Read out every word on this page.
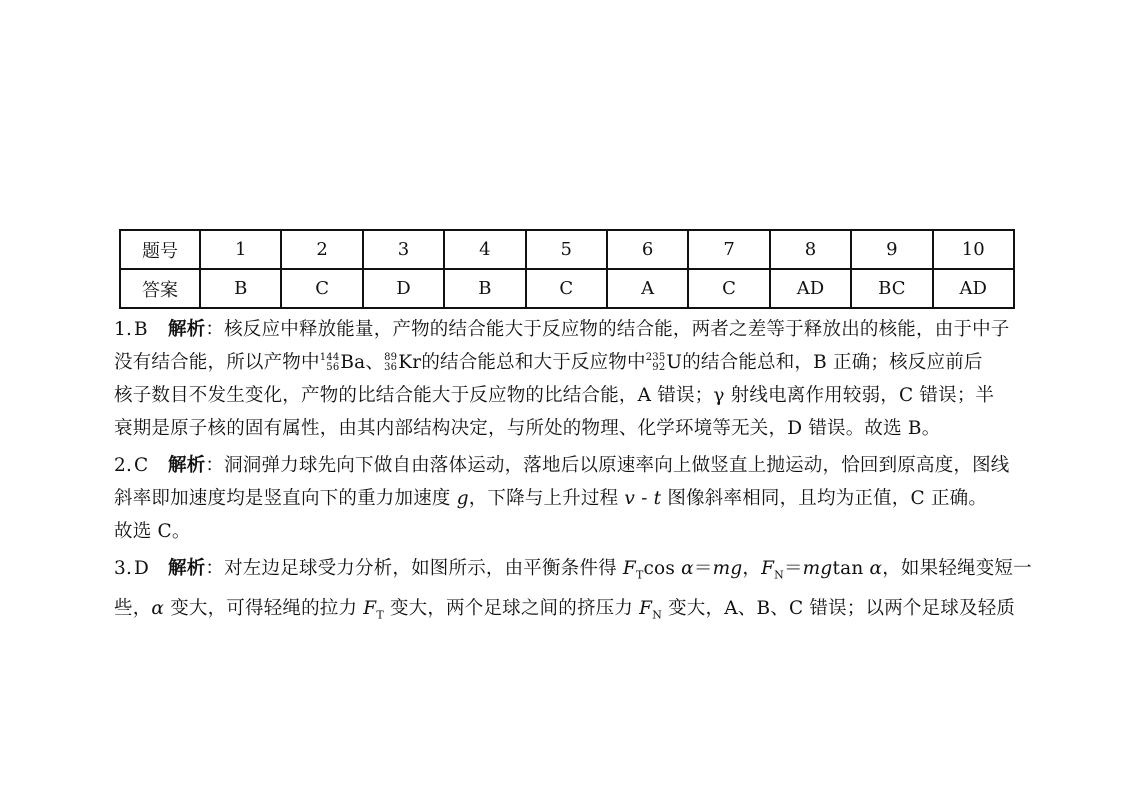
题号	1	2	3	4	5	6	7	8	9	10
答案	B	C	D	B	C	A	C	AD	BC	AD
1. B 解析：核反应中释放能量，产物的结合能大于反应物的结合能，两者之差等于释放出的核能，由于中子
没有结合能，所以产物中 144
56 Ba、 89
36 Kr的结合能总和大于反应物中 235
92 U的结合能总和，B 正确；核反应前后
核子数目不发生变化，产物的比结合能大于反应物的比结合能，A 错误；γ 射线电离作用较弱，C 错误；半
衰期是原子核的固有属性，由其内部结构决定，与所处的物理、化学环境等无关，D 错误。故选 B。
2. C 解析：洞洞弹力球先向下做自由落体运动，落地后以原速率向上做竖直上抛运动，恰回到原高度，图线
斜率即加速度均是竖直向下的重力加速度 g，下降与上升过程 v - t 图像斜率相同，且均为正值，C 正确。
故选 C。
3. D 解析：对左边足球受力分析，如图所示，由平衡条件得 $F_T\cos$ α＝mg，$F_N=mgtan$ α，如果轻绳变短一
些，α 变大，可得轻绳的拉力 $F_T$ 变大，两个足球之间的挤压力 $F_N$ 变大，A、B、C 错误；以两个足球及轻质
